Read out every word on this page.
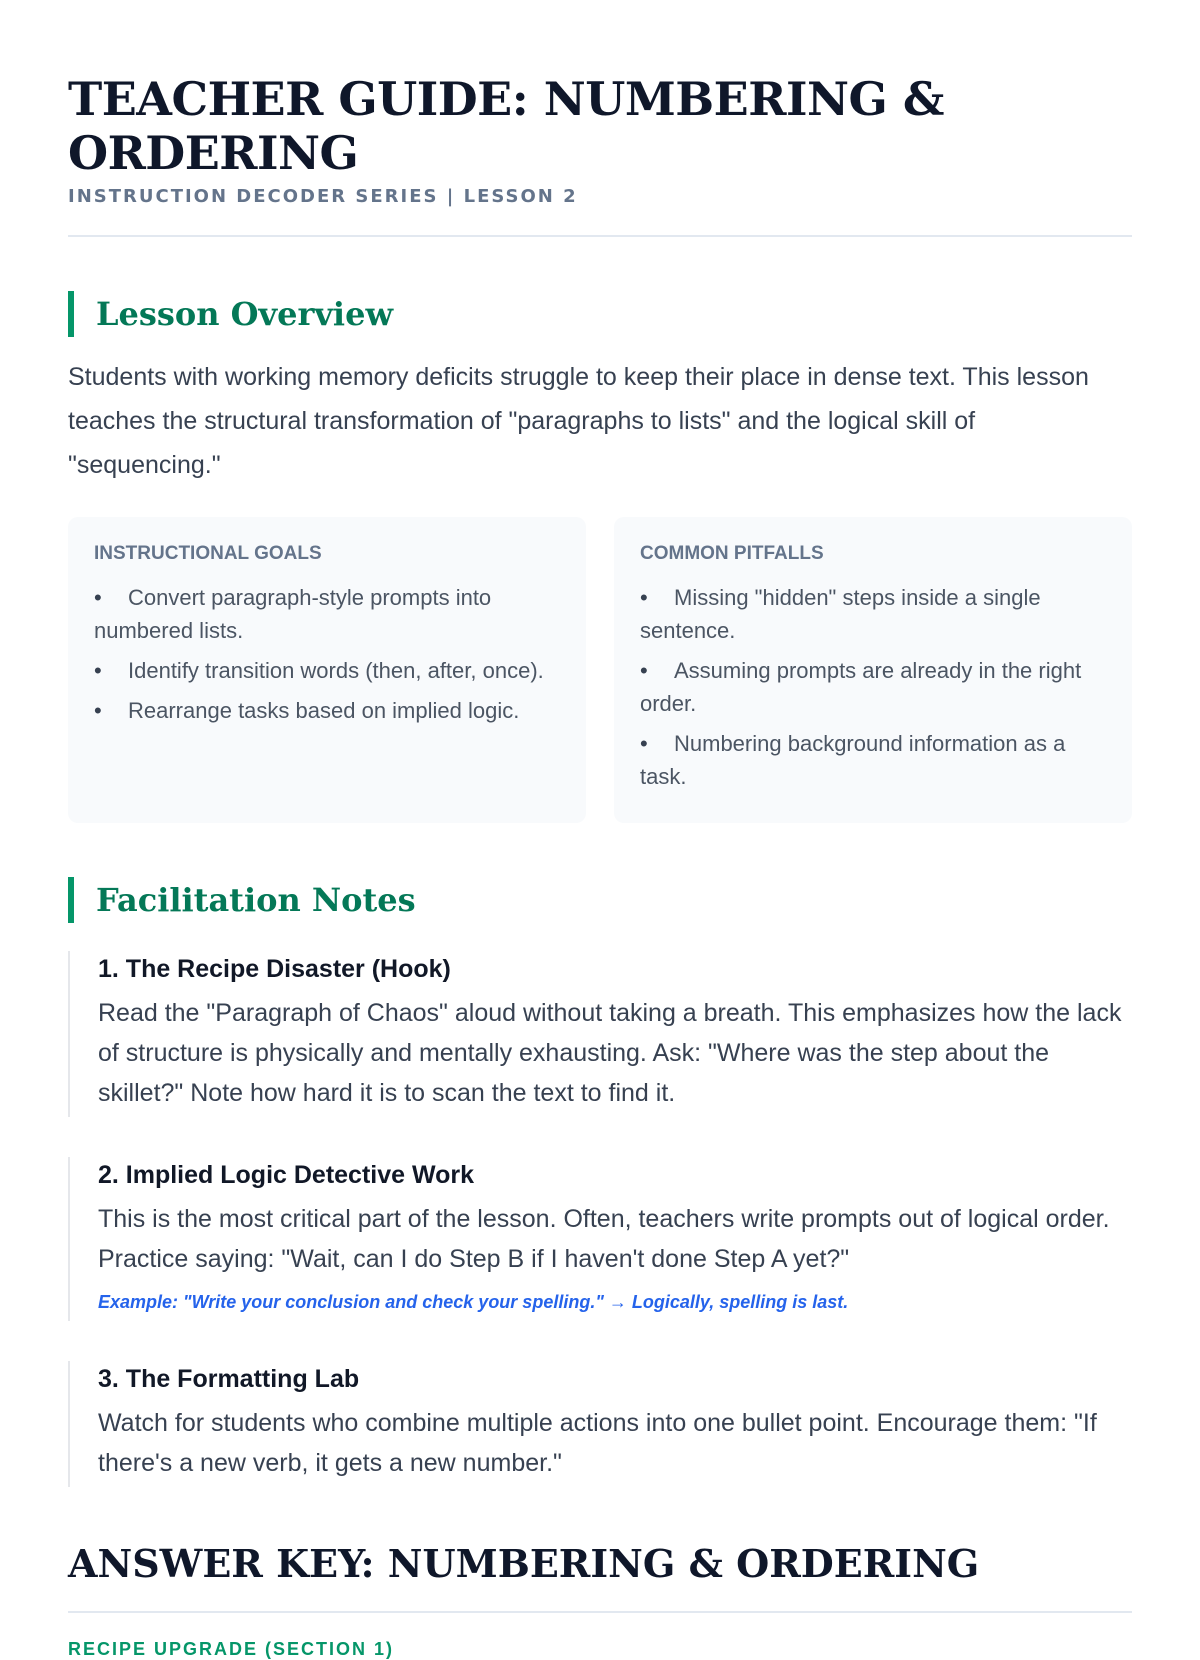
TEACHER GUIDE: NUMBERING & ORDERING
INSTRUCTION DECODER SERIES | LESSON 2
Lesson Overview
Students with working memory deficits struggle to keep their place in dense text. This lesson teaches the structural transformation of "paragraphs to lists" and the logical skill of "sequencing."
INSTRUCTIONAL GOALS
• Convert paragraph-style prompts into numbered lists.
• Identify transition words (then, after, once).
• Rearrange tasks based on implied logic.
COMMON PITFALLS
• Missing "hidden" steps inside a single sentence.
• Assuming prompts are already in the right order.
• Numbering background information as a task.
Facilitation Notes
1. The Recipe Disaster (Hook)
Read the "Paragraph of Chaos" aloud without taking a breath. This emphasizes how the lack of structure is physically and mentally exhausting. Ask: "Where was the step about the skillet?" Note how hard it is to scan the text to find it.
2. Implied Logic Detective Work
This is the most critical part of the lesson. Often, teachers write prompts out of logical order. Practice saying: "Wait, can I do Step B if I haven't done Step A yet?"
Example: "Write your conclusion and check your spelling." → Logically, spelling is last.
3. The Formatting Lab
Watch for students who combine multiple actions into one bullet point. Encourage them: "If there's a new verb, it gets a new number."
ANSWER KEY: NUMBERING & ORDERING
RECIPE UPGRADE (SECTION 1)
